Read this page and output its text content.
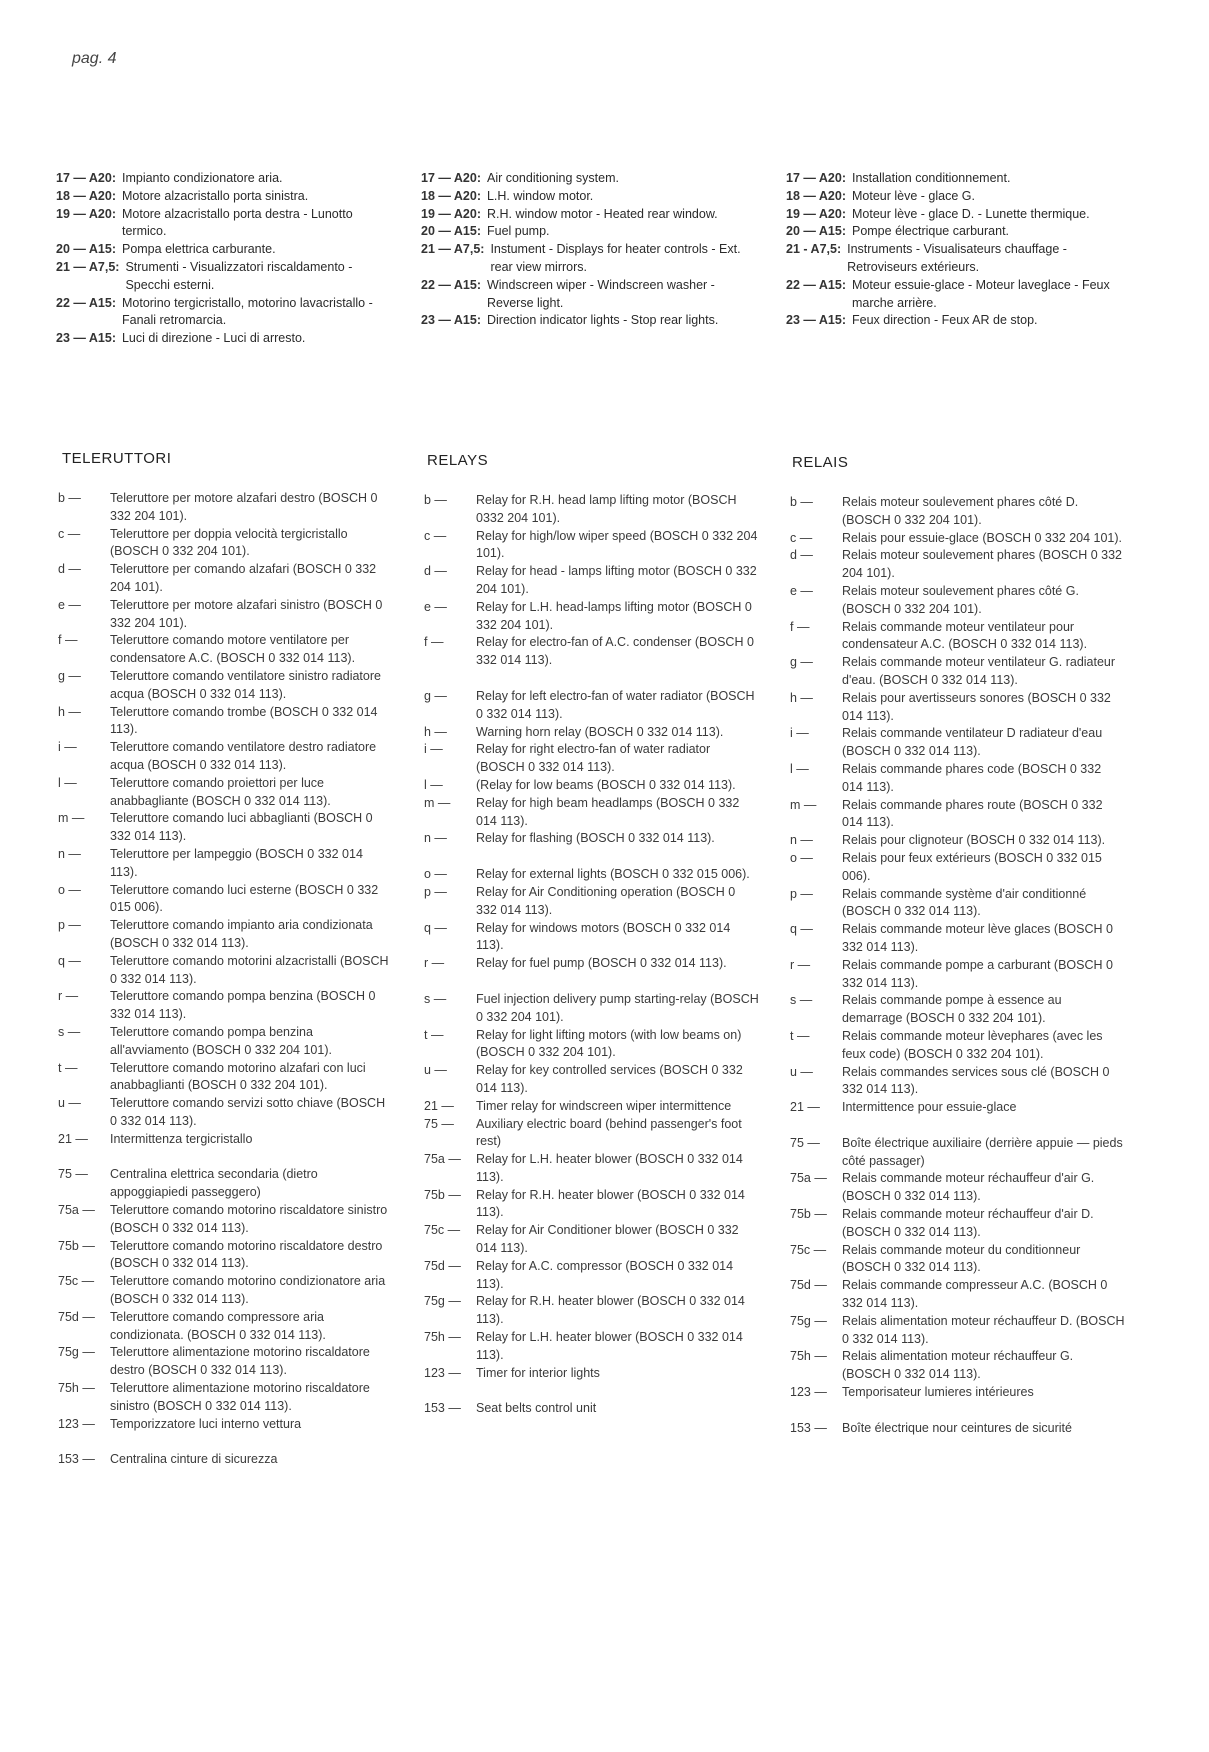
pag. 4
17 — A20: Impianto condizionatore aria.
18 — A20: Motore alzacristallo porta sinistra.
19 — A20: Motore alzacristallo porta destra - Lunotto termico.
20 — A15: Pompa elettrica carburante.
21 — A7,5: Strumenti - Visualizzatori riscaldamento - Specchi esterni.
22 — A15: Motorino tergicristallo, motorino lavacristallo - Fanali retromarcia.
23 — A15: Luci di direzione - Luci di arresto.
17 — A20: Air conditioning system.
18 — A20: L.H. window motor.
19 — A20: R.H. window motor - Heated rear window.
20 — A15: Fuel pump.
21 — A7,5: Instument - Displays for heater controls - Ext. rear view mirrors.
22 — A15: Windscreen wiper - Windscreen washer - Reverse light.
23 — A15: Direction indicator lights - Stop rear lights.
17 — A20: Installation conditionnement.
18 — A20: Moteur lève - glace G.
19 — A20: Moteur lève - glace D. - Lunette thermique.
20 — A15: Pompe électrique carburant.
21 - A7,5: Instruments - Visualisateurs chauffage - Retroviseurs extérieurs.
22 — A15: Moteur essuie-glace - Moteur laveglace - Feux marche arrière.
23 — A15: Feux direction - Feux AR de stop.
TELERUTTORI	RELAYS	RELAIS
b —	Teleruttore per motore alzafari destro (BOSCH 0 332 204 101).
c —	Teleruttore per doppia velocità tergicristallo (BOSCH 0 332 204 101).
d —	Teleruttore per comando alzafari (BOSCH 0 332 204 101).
e —	Teleruttore per motore alzafari sinistro (BOSCH 0 332 204 101).
f —	Teleruttore comando motore ventilatore per condensatore A.C. (BOSCH 0 332 014 113).
g —	Teleruttore comando ventilatore sinistro radiatore acqua (BOSCH 0 332 014 113).
h —	Teleruttore comando trombe (BOSCH 0 332 014 113).
i —	Teleruttore comando ventilatore destro radiatore acqua (BOSCH 0 332 014 113).
l —	Teleruttore comando proiettori per luce anabbagliante (BOSCH 0 332 014 113).
m —	Teleruttore comando luci abbaglianti (BOSCH 0 332 014 113).
n —	Teleruttore per lampeggio (BOSCH 0 332 014 113).
o —	Teleruttore comando luci esterne (BOSCH 0 332 015 006).
p —	Teleruttore comando impianto aria condizionata (BOSCH 0 332 014 113).
q —	Teleruttore comando motorini alzacristalli (BOSCH 0 332 014 113).
r —	Teleruttore comando pompa benzina (BOSCH 0 332 014 113).
s —	Teleruttore comando pompa benzina all'avviamento (BOSCH 0 332 204 101).
t —	Teleruttore comando motorino alzafari con luci anabbaglianti (BOSCH 0 332 204 101).
u —	Teleruttore comando servizi sotto chiave (BOSCH 0 332 014 113).
21 —	Intermittenza tergicristallo
75 —	Centralina elettrica secondaria (dietro appoggiapiedi passeggero)
75a —	Teleruttore comando motorino riscaldatore sinistro (BOSCH 0 332 014 113).
75b —	Teleruttore comando motorino riscaldatore destro (BOSCH 0 332 014 113).
75c —	Teleruttore comando motorino condizionatore aria (BOSCH 0 332 014 113).
75d —	Teleruttore comando compressore aria condizionata. (BOSCH 0 332 014 113).
75g —	Teleruttore alimentazione motorino riscaldatore destro (BOSCH 0 332 014 113).
75h —	Teleruttore alimentazione motorino riscaldatore sinistro (BOSCH 0 332 014 113).
123 —	Temporizzatore luci interno vettura
153 —	Centralina cinture di sicurezza
b —	Relay for R.H. head lamp lifting motor (BOSCH 0332 204 101).
c —	Relay for high/low wiper speed (BOSCH 0 332 204 101).
d —	Relay for head - lamps lifting motor (BOSCH 0 332 204 101).
e —	Relay for L.H. head-lamps lifting motor (BOSCH 0 332 204 101).
f —	Relay for electro-fan of A.C. condenser (BOSCH 0 332 014 113).
g —	Relay for left electro-fan of water radiator (BOSCH 0 332 014 113).
h —	Warning horn relay (BOSCH 0 332 014 113).
i —	Relay for right electro-fan of water radiator (BOSCH 0 332 014 113).
l —	(Relay for low beams (BOSCH 0 332 014 113).
m —	Relay for high beam headlamps (BOSCH 0 332 014 113).
n —	Relay for flashing (BOSCH 0 332 014 113).
o —	Relay for external lights (BOSCH 0 332 015 006).
p —	Relay for Air Conditioning operation (BOSCH 0 332 014 113).
q —	Relay for windows motors (BOSCH 0 332 014 113).
r —	Relay for fuel pump (BOSCH 0 332 014 113).
s —	Fuel injection delivery pump starting-relay (BOSCH 0 332 204 101).
t —	Relay for light lifting motors (with low beams on) (BOSCH 0 332 204 101).
u —	Relay for key controlled services (BOSCH 0 332 014 113).
21 —	Timer relay for windscreen wiper intermittence
75 —	Auxiliary electric board (behind passenger's foot rest)
75a —	Relay for L.H. heater blower (BOSCH 0 332 014 113).
75b —	Relay for R.H. heater blower (BOSCH 0 332 014 113).
75c —	Relay for Air Conditioner blower (BOSCH 0 332 014 113).
75d —	Relay for A.C. compressor (BOSCH 0 332 014 113).
75g —	Relay for R.H. heater blower (BOSCH 0 332 014 113).
75h —	Relay for L.H. heater blower (BOSCH 0 332 014 113).
123 —	Timer for interior lights
153 —	Seat belts control unit
b —	Relais moteur soulevement phares côté D. (BOSCH 0 332 204 101).
c —	Relais pour essuie-glace (BOSCH 0 332 204 101).
d —	Relais moteur soulevement phares (BOSCH 0 332 204 101).
e —	Relais moteur soulevement phares côté G. (BOSCH 0 332 204 101).
f —	Relais commande moteur ventilateur pour condensateur A.C. (BOSCH 0 332 014 113).
g —	Relais commande moteur ventilateur G. radiateur d'eau. (BOSCH 0 332 014 113).
h —	Relais pour avertisseurs sonores (BOSCH 0 332 014 113).
i —	Relais commande ventilateur D radiateur d'eau (BOSCH 0 332 014 113).
l —	Relais commande phares code (BOSCH 0 332 014 113).
m —	Relais commande phares route (BOSCH 0 332 014 113).
n —	Relais pour clignoteur (BOSCH 0 332 014 113).
o —	Relais pour feux extérieurs (BOSCH 0 332 015 006).
p —	Relais commande système d'air conditionné (BOSCH 0 332 014 113).
q —	Relais commande moteur lève glaces (BOSCH 0 332 014 113).
r —	Relais commande pompe a carburant (BOSCH 0 332 014 113).
s —	Relais commande pompe à essence au demarrage (BOSCH 0 332 204 101).
t —	Relais commande moteur lèvephares (avec les feux code) (BOSCH 0 332 204 101).
u —	Relais commandes services sous clé (BOSCH 0 332 014 113).
21 —	Intermittence pour essuie-glace
75 —	Boîte électrique auxiliaire (derrière appuie — pieds côté passager)
75a —	Relais commande moteur réchauffeur d'air G. (BOSCH 0 332 014 113).
75b —	Relais commande moteur réchauffeur d'air D. (BOSCH 0 332 014 113).
75c —	Relais commande moteur du conditionneur (BOSCH 0 332 014 113).
75d —	Relais commande compresseur A.C. (BOSCH 0 332 014 113).
75g —	Relais alimentation moteur réchauffeur D. (BOSCH 0 332 014 113).
75h —	Relais alimentation moteur réchauffeur G. (BOSCH 0 332 014 113).
123 —	Temporisateur lumieres intérieures
153 —	Boîte électrique nour ceintures de sicurité
